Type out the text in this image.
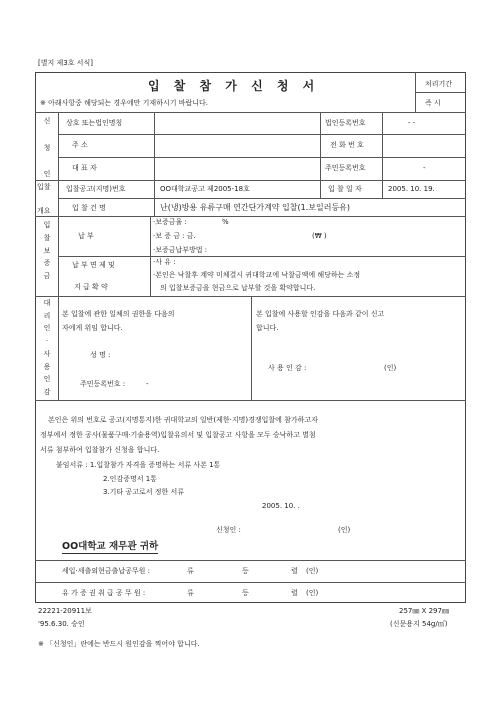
[별지 제3호 서식]
입 찰 참 가 신 청 서
※ 아래사항중 해당되는 경우에만 기재하시기 바랍니다.
처리기간
즉 시
신
청
인
상호 또는법인명칭	법인등록번호	- -
주 소	전 화 번 호
대 표 자	주민등록번호	-
입찰
개요
입찰공고(지명)번호	OO대학교공고 제2005-18호	입 찰 일 자	2005. 10. 19.
입 찰 건 명	난(냉)방용 유류구매 연간단가계약 입찰(1.보일러등유)
입
찰
보
증
금
납 부
·보증금율 :	%
·보 증 금 : 금.	(₩ )
·보증금납부방법 :
납 부 면 제 및
지 급 확 약
·사 유 :
·본인은 낙찰후 계약 미체결시 귀대학교에 낙찰금액에 해당하는 소정
의 입찰보증금을 현금으로 납부할 것을 확약합니다.
대
리
인
·
사
용
인
감
본 입찰에 관한 일체의 권한을 다음의
자에게 위임 합니다.
성 명 :
주민등록번호 :	-
본 입찰에 사용할 인감을 다음과 같이 신고
합니다.
사 용 인 감 :	(인)
본인은 위의 번호로 공고(지명통지)한 귀대학교의 일반(제한·지명)경쟁입찰에 참가하고자
정부에서 정한 공사(물품구매·기술용역)입찰유의서 및 입찰공고 사항을 모두 승낙하고 별첨
서류 첨부하여 입찰참가 신청을 합니다.
붙임서류 : 1.입찰참가 자격을 증명하는 서류 사본 1통
2.인감증명서 1통
3.기타 공고로서 정한 서류
2005. 10. .
신청인 :	(인)
OO대학교 재무관 귀하
세입·세출외현금출납공무원 :	류	등	렬 (인)
유 가 증 권 취 급 공 무 원 :	류	등	렬 (인)
22221-20911보
'95.6.30. 승인
257㎜ X 297㎜
(신문용지 54g/㎡)
※ 「신청인」란에는 반드시 원인감을 찍어야 합니다.
